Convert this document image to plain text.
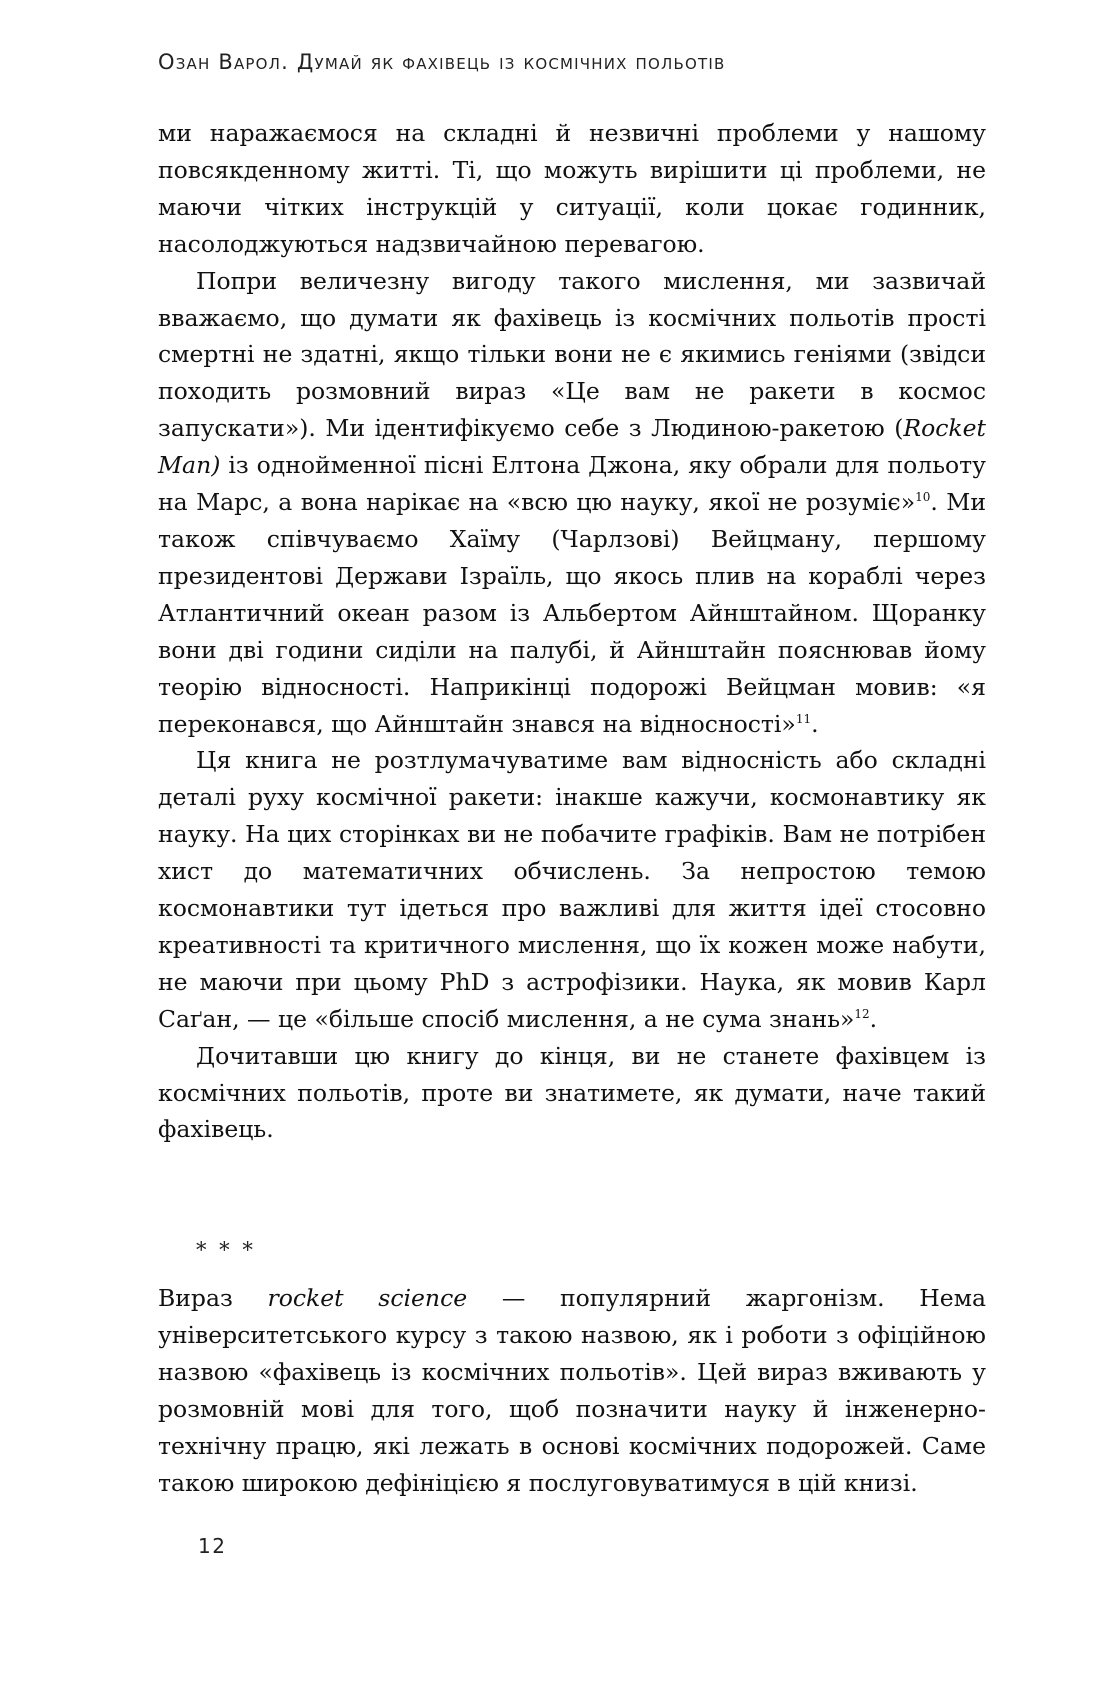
Озан Варол. Думай як фахівець із космічних польотів

ми наражаємося на складні й незвичні проблеми у нашому повсякденному житті. Ті, що можуть вирішити ці проблеми, не маючи чітких інструкцій у ситуації, коли цокає годинник, насолоджуються надзвичайною перевагою.

Попри величезну вигоду такого мислення, ми зазвичай вважаємо, що думати як фахівець із космічних польотів прості смертні не здатні, якщо тільки вони не є якимись геніями (звідси походить розмовний вираз «Це вам не ракети в космос запускати»). Ми ідентифікуємо себе з Людиною-ракетою (Rocket Man) із однойменної пісні Елтона Джона, яку обрали для польоту на Марс, а вона нарікає на «всю цю науку, якої не розуміє»$^{10}$. Ми також співчуваємо Хаїму (Чарлзові) Вейцману, першому президентові Держави Ізраїль, що якось плив на кораблі через Атлантичний океан разом із Альбертом Айнштайном. Щоранку вони дві години сиділи на палубі, й Айнштайн пояснював йому теорію відносності. Наприкінці подорожі Вейцман мовив: «я переконався, що Айнштайн знався на відносності»$^{11}$.

Ця книга не розтлумачуватиме вам відносність або складні деталі руху космічної ракети: інакше кажучи, космонавтику як науку. На цих сторінках ви не побачите графіків. Вам не потрібен хист до математичних обчислень. За непростою темою космонавтики тут ідеться про важливі для життя ідеї стосовно креативності та критичного мислення, що їх кожен може набути, не маючи при цьому PhD з астрофізики. Наука, як мовив Карл Саґан, — це «більше спосіб мислення, а не сума знань»$^{12}$.

Дочитавши цю книгу до кінця, ви не станете фахівцем із космічних польотів, проте ви знатимете, як думати, наче такий фахівець.

* * *

Вираз rocket science — популярний жаргонізм. Нема університетського курсу з такою назвою, як і роботи з офіційною назвою «фахівець із космічних польотів». Цей вираз вживають у розмовній мові для того, щоб позначити науку й інженерно-технічну працю, які лежать в основі космічних подорожей. Саме такою широкою дефініцією я послуговуватимуся в цій книзі.

12
